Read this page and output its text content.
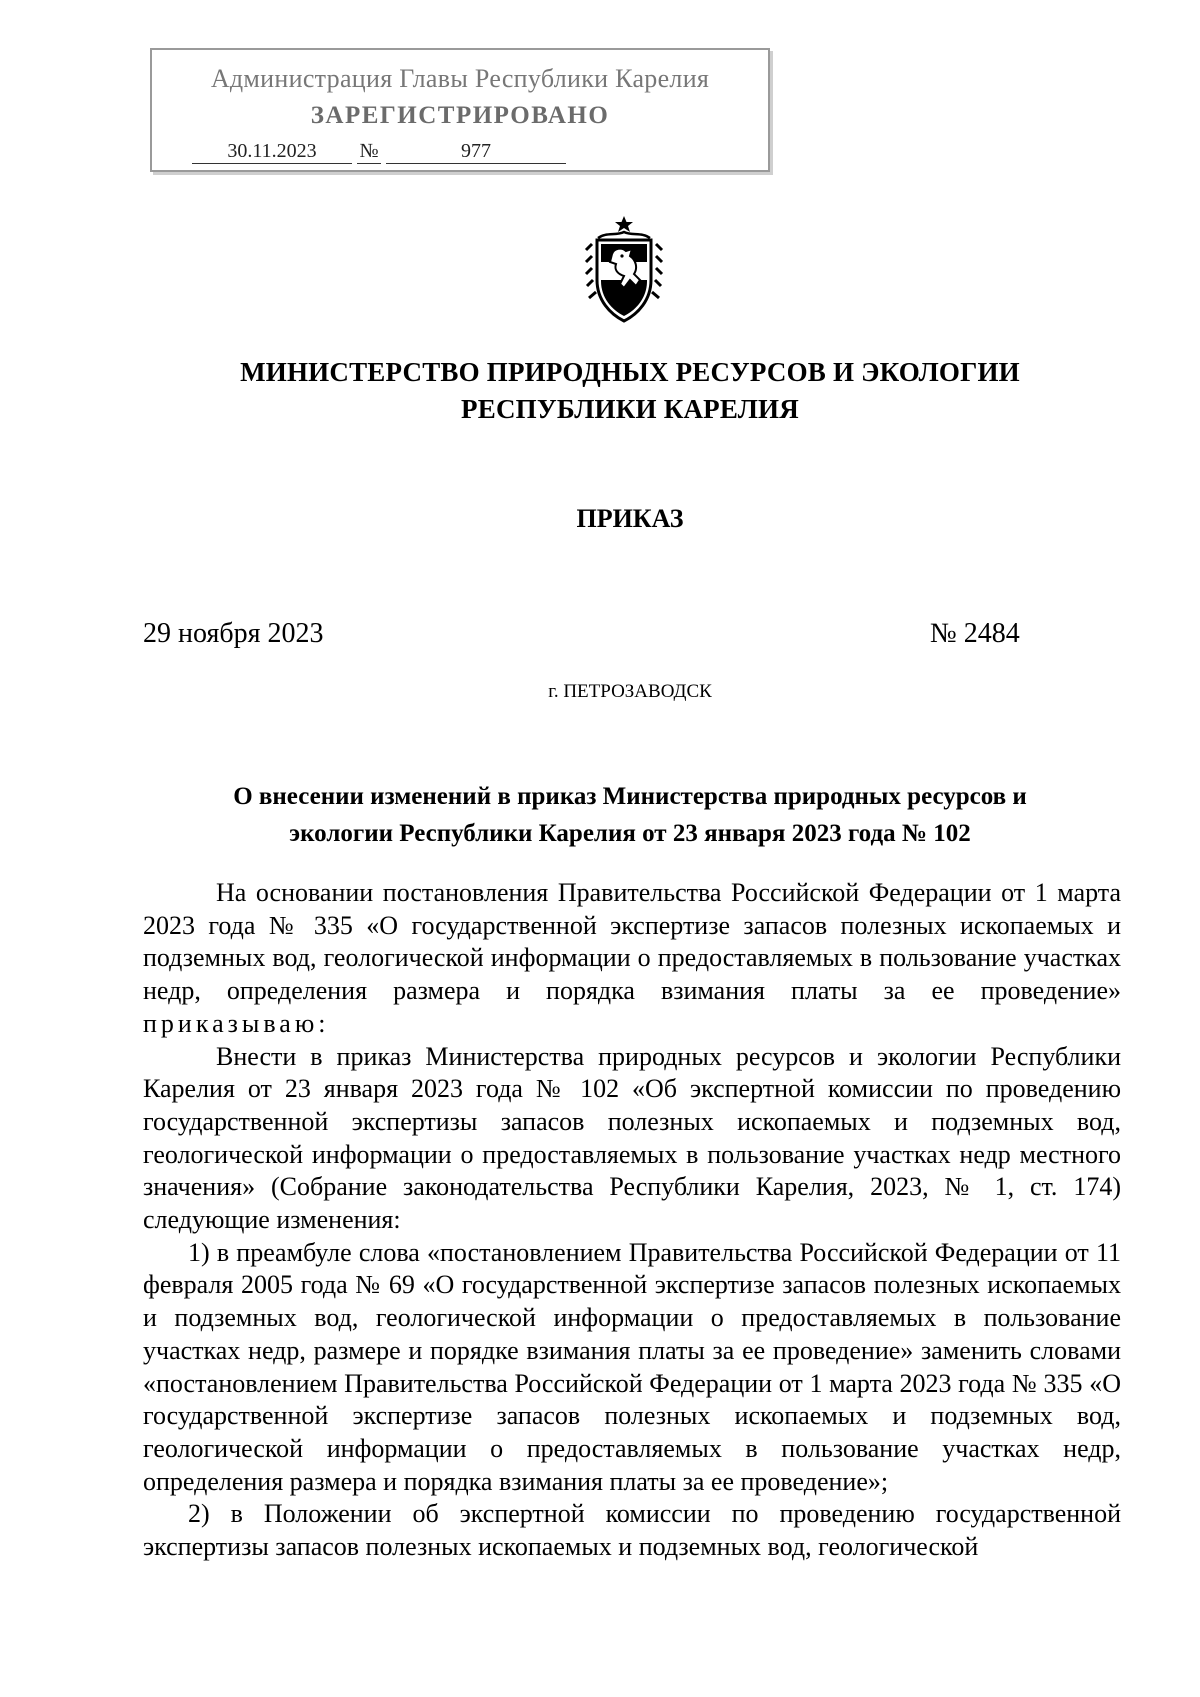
Администрация Главы Республики Карелия
ЗАРЕГИСТРИРОВАНО
30.11.2023 №	977
МИНИСТЕРСТВО ПРИРОДНЫХ РЕСУРСОВ И ЭКОЛОГИИ
РЕСПУБЛИКИ КАРЕЛИЯ
ПРИКАЗ
29 ноября 2023	№ 2484
г. ПЕТРОЗАВОДСК
О внесении изменений в приказ Министерства природных ресурсов и
экологии Республики Карелия от 23 января 2023 года № 102

На основании постановления Правительства Российской Федерации от 1 марта 2023 года № 335 «О государственной экспертизе запасов полезных ископаемых и подземных вод, геологической информации о предоставляемых в пользование участках недр, определения размера и порядка взимания платы за ее проведение» приказываю:

Внести в приказ Министерства природных ресурсов и экологии Республики Карелия от 23 января 2023 года № 102 «Об экспертной комиссии по проведению государственной экспертизы запасов полезных ископаемых и подземных вод, геологической информации о предоставляемых в пользование участках недр местного значения» (Собрание законодательства Республики Карелия, 2023, № 1, ст. 174) следующие изменения:

1) в преамбуле слова «постановлением Правительства Российской Федерации от 11 февраля 2005 года № 69 «О государственной экспертизе запасов полезных ископаемых и подземных вод, геологической информации о предоставляемых в пользование участках недр, размере и порядке взимания платы за ее проведение» заменить словами «постановлением Правительства Российской Федерации от 1 марта 2023 года № 335 «О государственной экспертизе запасов полезных ископаемых и подземных вод, геологической информации о предоставляемых в пользование участках недр, определения размера и порядка взимания платы за ее проведение»;

2) в Положении об экспертной комиссии по проведению государственной экспертизы запасов полезных ископаемых и подземных вод, геологической
